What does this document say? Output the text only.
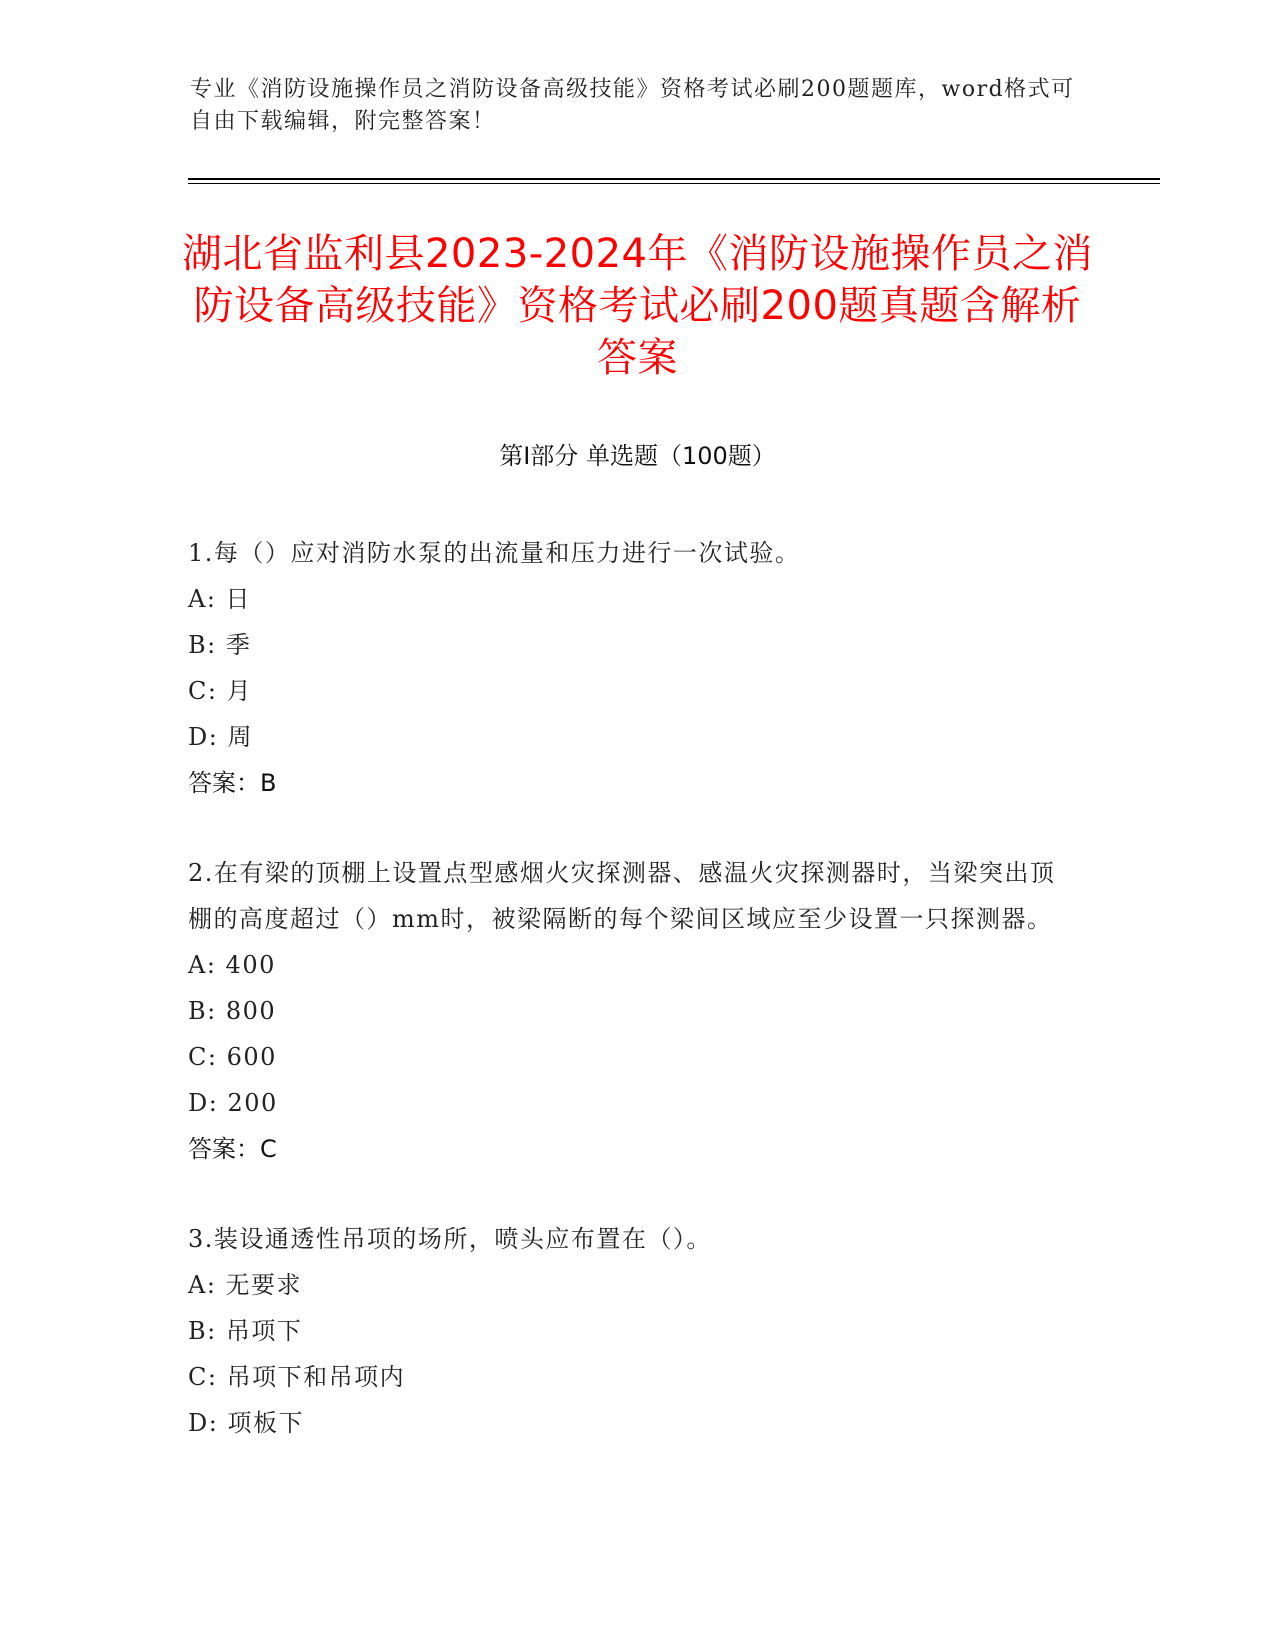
专业《消防设施操作员之消防设备高级技能》资格考试必刷200题题库，word格式可自由下载编辑，附完整答案！
湖北省监利县2023-2024年《消防设施操作员之消防设备高级技能》资格考试必刷200题真题含解析答案
第Ⅰ部分 单选题（100题）
1.每（）应对消防水泵的出流量和压力进行一次试验。
A: 日
B: 季
C: 月
D: 周
答案：B
2.在有梁的顶棚上设置点型感烟火灾探测器、感温火灾探测器时，当梁突出顶棚的高度超过（）mm时，被梁隔断的每个梁间区域应至少设置一只探测器。
A: 400
B: 800
C: 600
D: 200
答案：C
3.装设通透性吊项的场所，喷头应布置在（）。
A: 无要求
B: 吊项下
C: 吊项下和吊项内
D: 项板下
